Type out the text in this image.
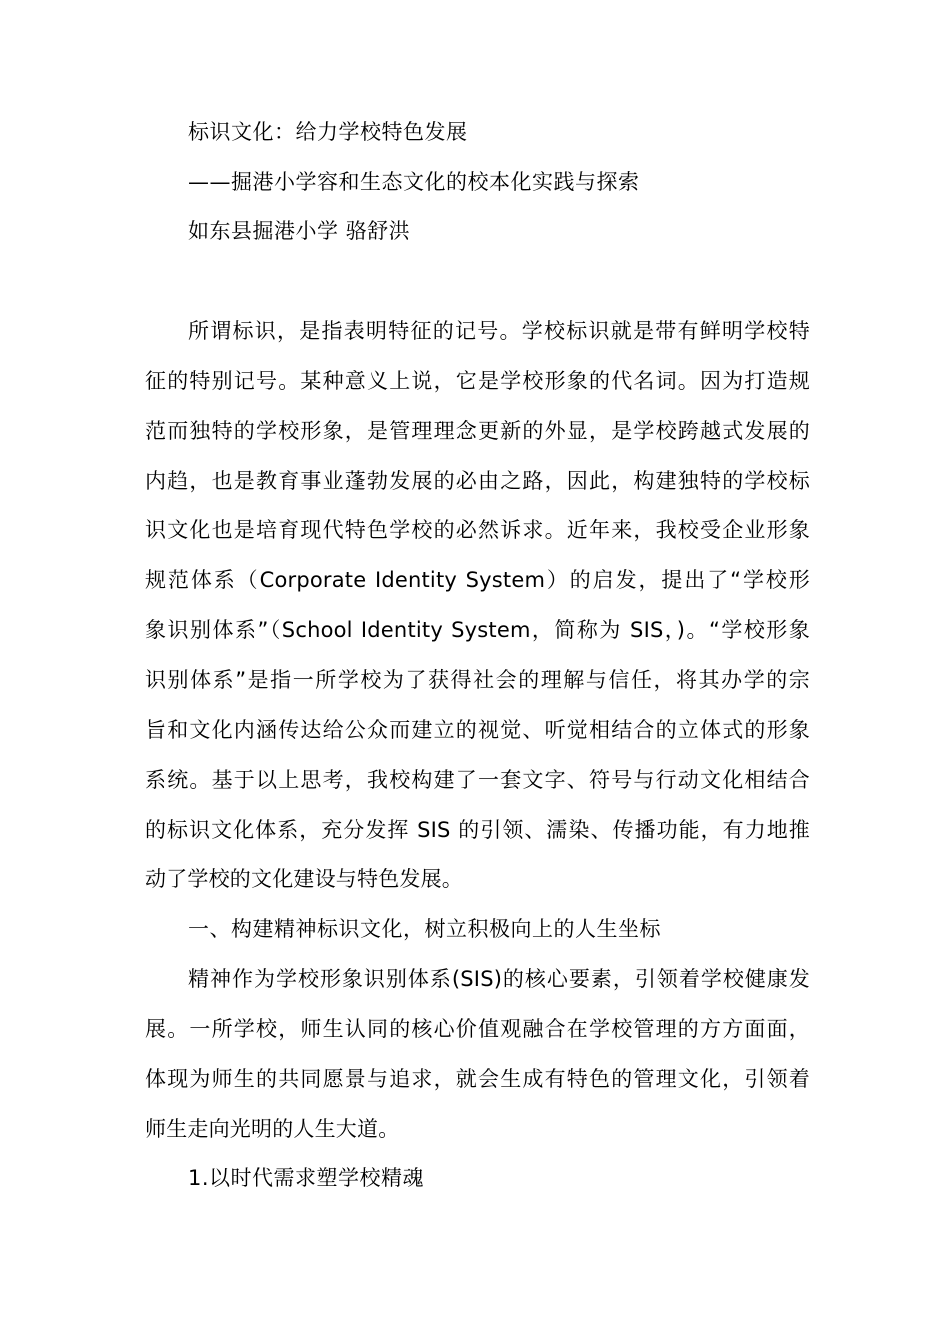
标识文化：给力学校特色发展
——掘港小学容和生态文化的校本化实践与探索
如东县掘港小学 骆舒洪
所谓标识，是指表明特征的记号。学校标识就是带有鲜明学校特
征的特别记号。某种意义上说，它是学校形象的代名词。因为打造规
范而独特的学校形象，是管理理念更新的外显，是学校跨越式发展的
内趋，也是教育事业蓬勃发展的必由之路，因此，构建独特的学校标
识文化也是培育现代特色学校的必然诉求。近年来，我校受企业形象
规范体系（Corporate Identity System）的启发，提出了“学校形
象识别体系”（School Identity System，简称为 SIS，)。“学校形象
识别体系”是指一所学校为了获得社会的理解与信任，将其办学的宗
旨和文化内涵传达给公众而建立的视觉、听觉相结合的立体式的形象
系统。基于以上思考，我校构建了一套文字、符号与行动文化相结合
的标识文化体系，充分发挥 SIS 的引领、濡染、传播功能，有力地推
动了学校的文化建设与特色发展。
一、构建精神标识文化，树立积极向上的人生坐标
精神作为学校形象识别体系(SIS)的核心要素，引领着学校健康发
展。一所学校，师生认同的核心价值观融合在学校管理的方方面面，
体现为师生的共同愿景与追求，就会生成有特色的管理文化，引领着
师生走向光明的人生大道。
1.以时代需求塑学校精魂
